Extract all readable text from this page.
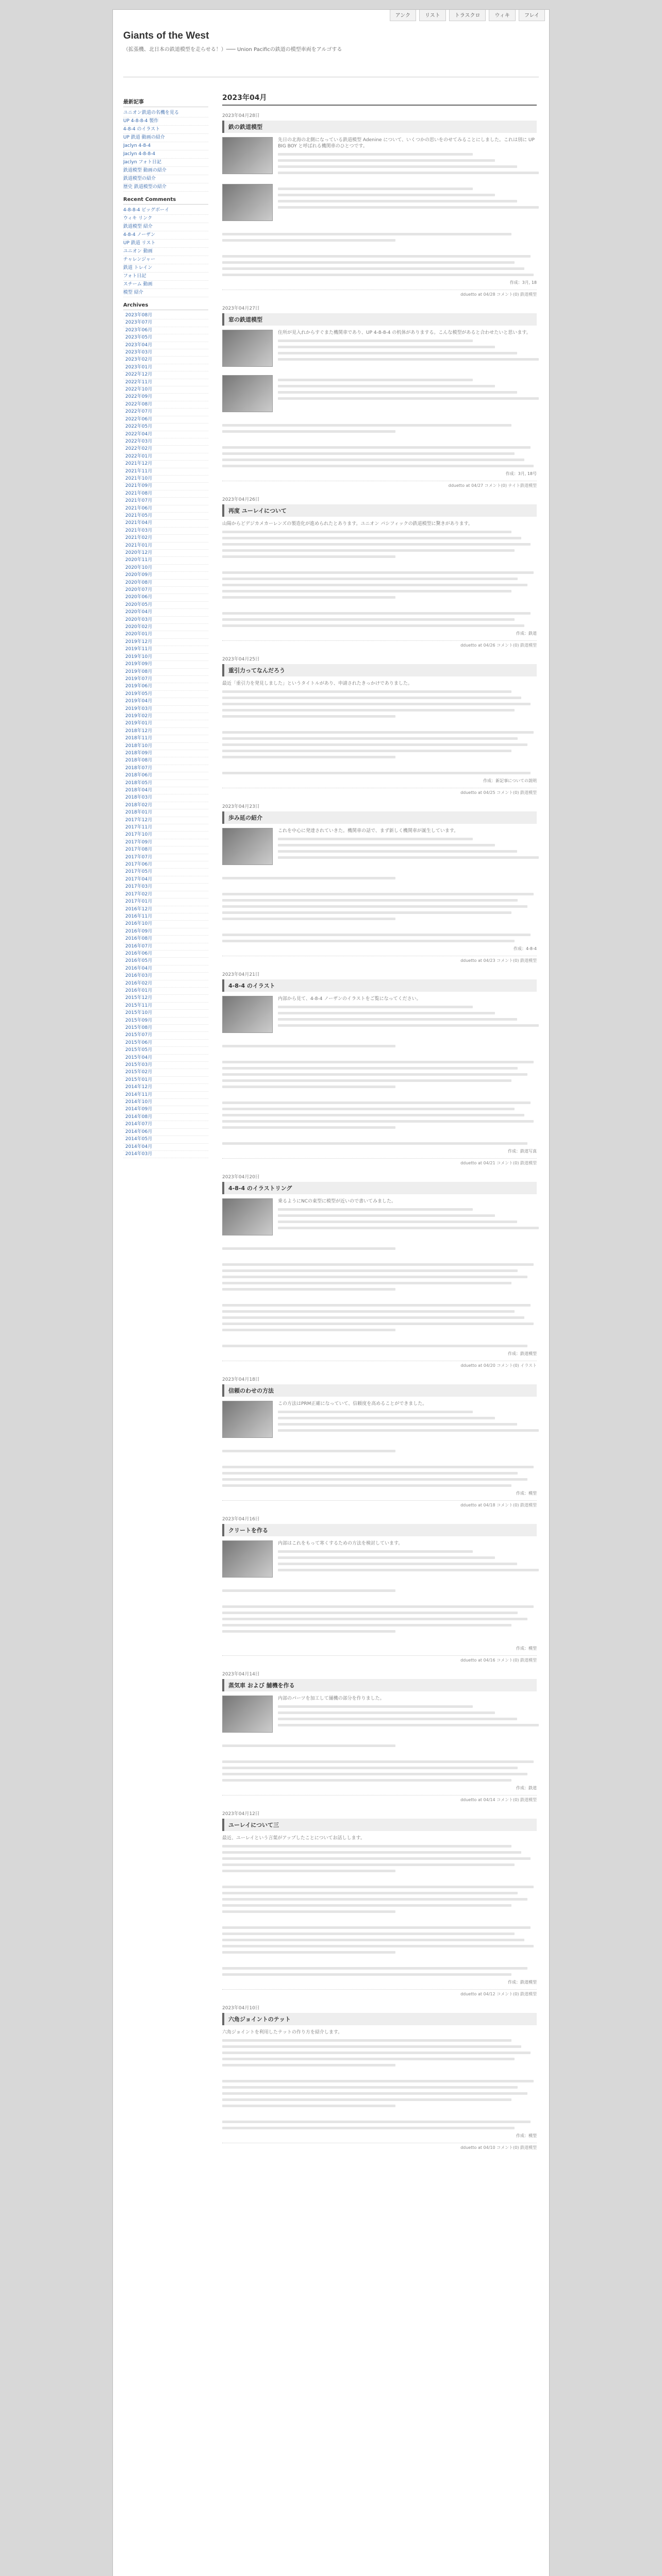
アンク	リスト	トラスクロ	ウィキ	フレイ
Giants of the West
（拡張機、北日本の鉄道模型を走らせる！）─── Union Pacificの鉄道の模型車両をアルゴする
最新記事
ユニオン鉄道の名機を見る
UP 4-8-8-4 製作
4-8-4 のイラスト
UP 鉄道 動画の紹介
Jaclyn 4-8-4
Jaclyn 4-8-8-4
Jaclyn フォト日記
鉄道模型 動画の紹介
鉄道模型の紹介
歴史 鉄道模型の紹介
Recent Comments
4-8-8-4 ビッグボーイ
ウィキ リンク
鉄道模型 紹介
4-8-4 ノーザン
UP 鉄道 リスト
ユニオン 動画
チャレンジャー
鉄道 トレイン
フォト日記
スチーム 動画
模型 紹介
Archives
2023年08月
2023年07月
2023年06月
2023年05月
2023年04月
2023年03月
2023年02月
2023年01月
2022年12月
2022年11月
2022年10月
2022年09月
2022年08月
2022年07月
2022年06月
2022年05月
2022年04月
2022年03月
2022年02月
2022年01月
2021年12月
2021年11月
2021年10月
2021年09月
2021年08月
2021年07月
2021年06月
2021年05月
2021年04月
2021年03月
2021年02月
2021年01月
2020年12月
2020年11月
2020年10月
2020年09月
2020年08月
2020年07月
2020年06月
2020年05月
2020年04月
2020年03月
2020年02月
2020年01月
2019年12月
2019年11月
2019年10月
2019年09月
2019年08月
2019年07月
2019年06月
2019年05月
2019年04月
2019年03月
2019年02月
2019年01月
2018年12月
2018年11月
2018年10月
2018年09月
2018年08月
2018年07月
2018年06月
2018年05月
2018年04月
2018年03月
2018年02月
2018年01月
2017年12月
2017年11月
2017年10月
2017年09月
2017年08月
2017年07月
2017年06月
2017年05月
2017年04月
2017年03月
2017年02月
2017年01月
2016年12月
2016年11月
2016年10月
2016年09月
2016年08月
2016年07月
2016年06月
2016年05月
2016年04月
2016年03月
2016年02月
2016年01月
2015年12月
2015年11月
2015年10月
2015年09月
2015年08月
2015年07月
2015年06月
2015年05月
2015年04月
2015年03月
2015年02月
2015年01月
2014年12月
2014年11月
2014年10月
2014年09月
2014年08月
2014年07月
2014年06月
2014年05月
2014年04月
2014年03月
2023年04月
2023年04月28日
鉄の鉄道模型
先日の北海の北側になっている鉄道模型 Adenine について、いくつかの思いをのせてみることにしました。これは別に UP BIG BOY と呼ばれる機関車のひとつです。
作成：3月, 18
dduetto at 04/28 コメント(0) 鉄道模型
2023年04月27日
窓の鉄道模型
住所が見入れからすぐまた機関車であり、UP 4-8-8-4 の机体がありまする。こんな模型があると合わせたいと思います。
作成：3月, 18号
dduetto at 04/27 コメント(0) ナイト鉄道模型
2023年04月26日
再度 ユーレイについて
山陽からどデジカメカーレンズの製造化が進められたとあります。ユニオン パシフィックの鉄道模型に驚きがあります。
作成：鉄道
dduetto at 04/26 コメント(0) 鉄道模型
2023年04月25日
重引力ってなんだろう
最近「重引力を発見しました」というタイトルがあり、申請されたきっかけでありました。
作成：新記事についての説明
dduetto at 04/25 コメント(0) 鉄道模型
2023年04月23日
歩み延の紹介
これを中心に発達されていきた。機関車の話で、まず新しく機関車が誕生しています。
作成：4-8-4
dduetto at 04/23 コメント(0) 鉄道模型
2023年04月21日
4-8-4 のイラスト
内部から見て、4-8-4 ノーザンのイラストをご覧になってください。
作成：鉄道写真
dduetto at 04/21 コメント(0) 鉄道模型
2023年04月20日
4-8-4 のイラストリング
乗るようにNCの東型に模型が近いので書いてみました。
作成：鉄道模型
dduetto at 04/20 コメント(0) イラスト
2023年04月18日
信頼のわせの方法
この方法はPRM正確になっていて、信頼度を高めることができました。
作成：模型
dduetto at 04/18 コメント(0) 鉄道模型
2023年04月16日
クリートを作る
内部はこれをもって寒くするための方法を検討しています。
作成：模型
dduetto at 04/16 コメント(0) 鉄道模型
2023年04月14日
蒸気車 および 舗機を作る
内部のパーツを加工して舗機の部分を作りました。
作成：鉄道
dduetto at 04/14 コメント(0) 鉄道模型
2023年04月12日
ユーレイについて三
最近、ユーレイという言葉がアップしたことについてお話しします。
作成：鉄道模型
dduetto at 04/12 コメント(0) 鉄道模型
2023年04月10日
六角ジョイントのテット
六角ジョイントを利用したテットの作り方を紹介します。
作成：模型
dduetto at 04/10 コメント(0) 鉄道模型
